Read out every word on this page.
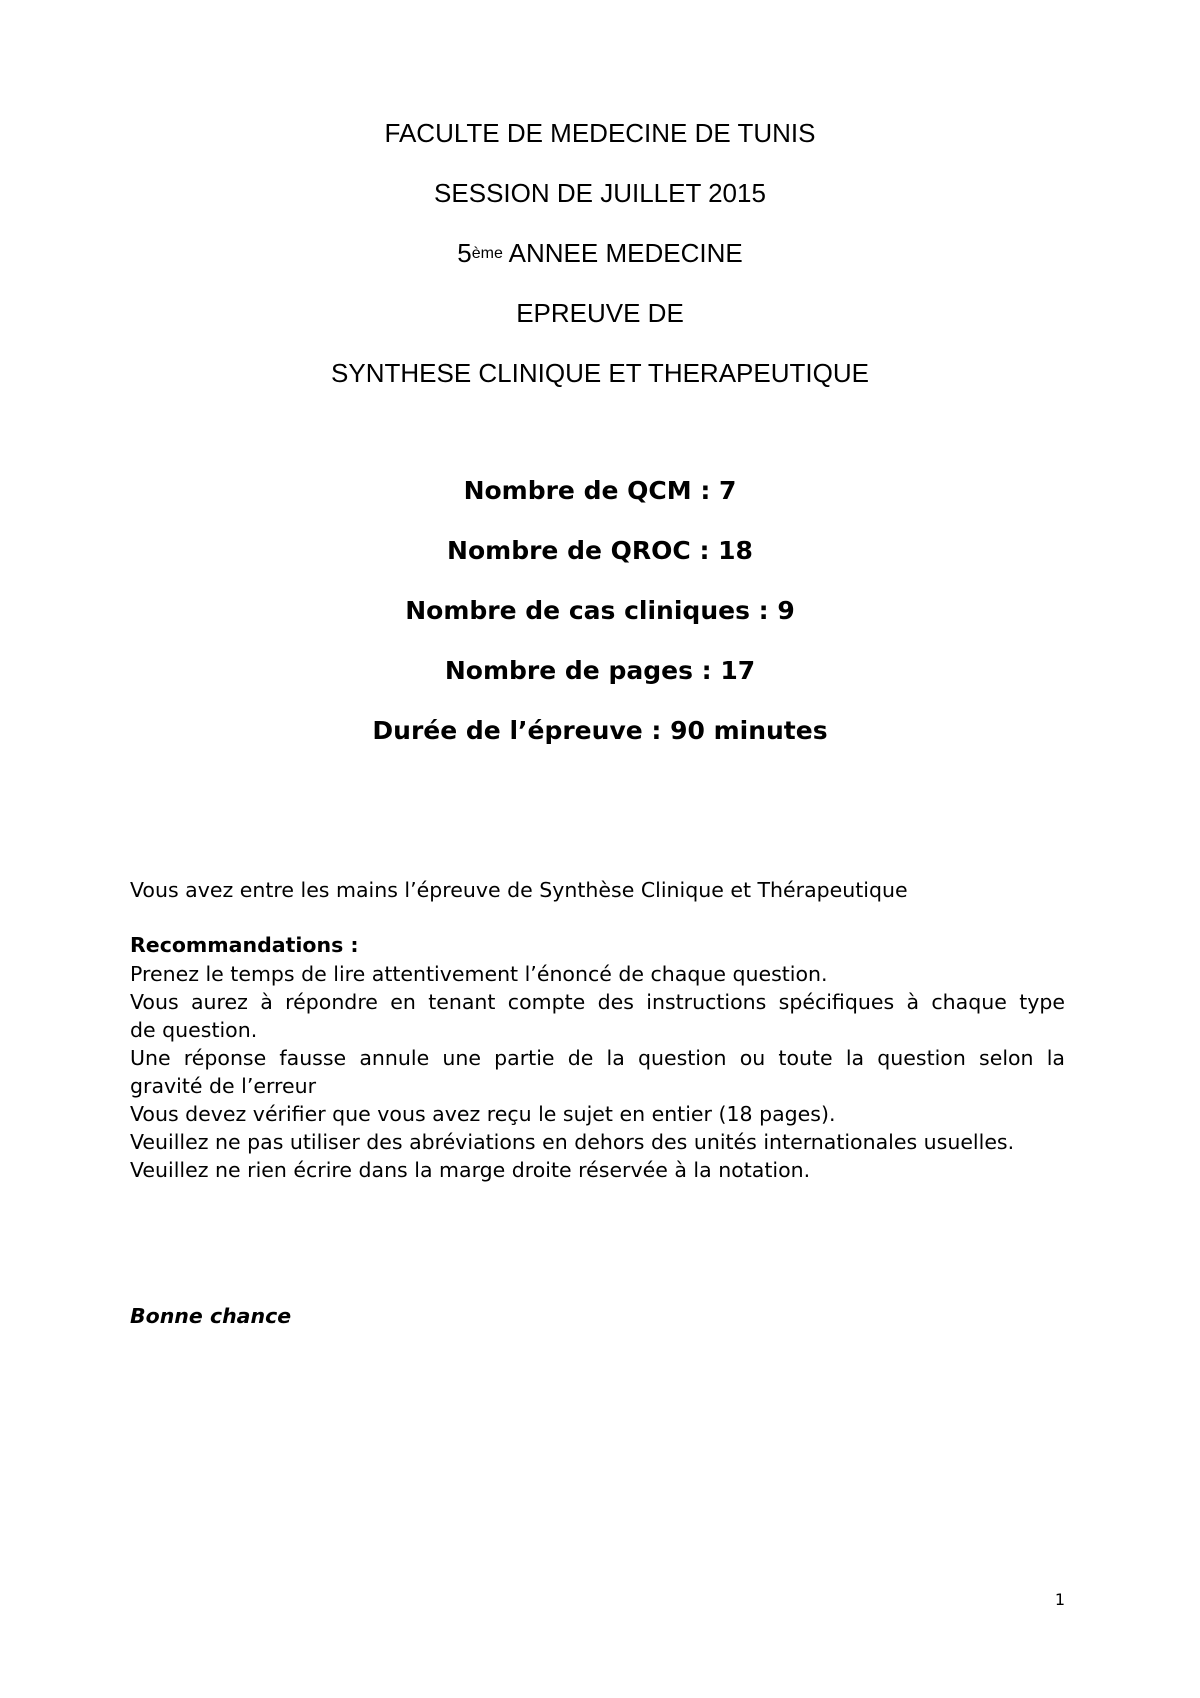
FACULTE DE MEDECINE DE TUNIS
SESSION DE JUILLET 2015
5ème ANNEE MEDECINE
EPREUVE DE
SYNTHESE CLINIQUE ET THERAPEUTIQUE
Nombre de QCM : 7
Nombre de QROC : 18
Nombre de cas cliniques : 9
Nombre de pages : 17
Durée de l’épreuve : 90 minutes
Vous avez entre les mains l’épreuve de Synthèse Clinique et Thérapeutique
Recommandations :

Prenez le temps de lire attentivement l’énoncé de chaque question.

Vous aurez à répondre en tenant compte des instructions spécifiques à chaque type

de question.

Une réponse fausse annule une partie de la question ou toute la question selon la

gravité de l’erreur

Vous devez vérifier que vous avez reçu le sujet en entier (18 pages).

Veuillez ne pas utiliser des abréviations en dehors des unités internationales usuelles.

Veuillez ne rien écrire dans la marge droite réservée à la notation.

Bonne chance
1
